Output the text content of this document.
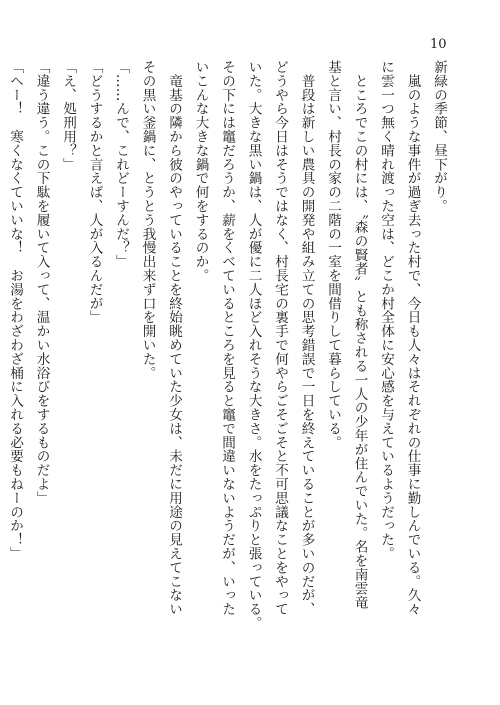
10
新緑の季節、昼下がり。
　嵐のような事件が過ぎ去った村で、今日も人々はそれぞれの仕事に勤しんでいる。久々
に雲一つ無く晴れ渡った空は、どこか村全体に安心感を与えているようだった。
　ところでこの村には、〝森の賢者〟とも称される一人の少年が住んでいた。名を南雲竜
基と言い、村長の家の二階の一室を間借りして暮らしている。
　普段は新しい農具の開発や組み立ての思考錯誤で一日を終えていることが多いのだが、
どうやら今日はそうではなく、村長宅の裏手で何やらごそごそと不可思議なことをやって
いた。大きな黒い鍋は、人が優に二人ほど入れそうな大きさ。水をたっぷりと張っている。
その下には竈だろうか、薪をくべているところを見ると竈で間違いないようだが、いった
いこんな大きな鍋で何をするのか。
　竜基の隣から彼のやっていることを終始眺めていた少女は、未だに用途の見えてこない
その黒い釜鍋に、とうとう我慢出来ず口を開いた。
「……んで、これどーすんだ？」
「どうするかと言えば、人が入るんだが」
「え、処刑用？」
「違う違う。この下駄を履いて入って、温かい水浴びをするものだよ」
「へー！　寒くなくていいな！　お湯をわざわざ桶に入れる必要もねーのか！」
